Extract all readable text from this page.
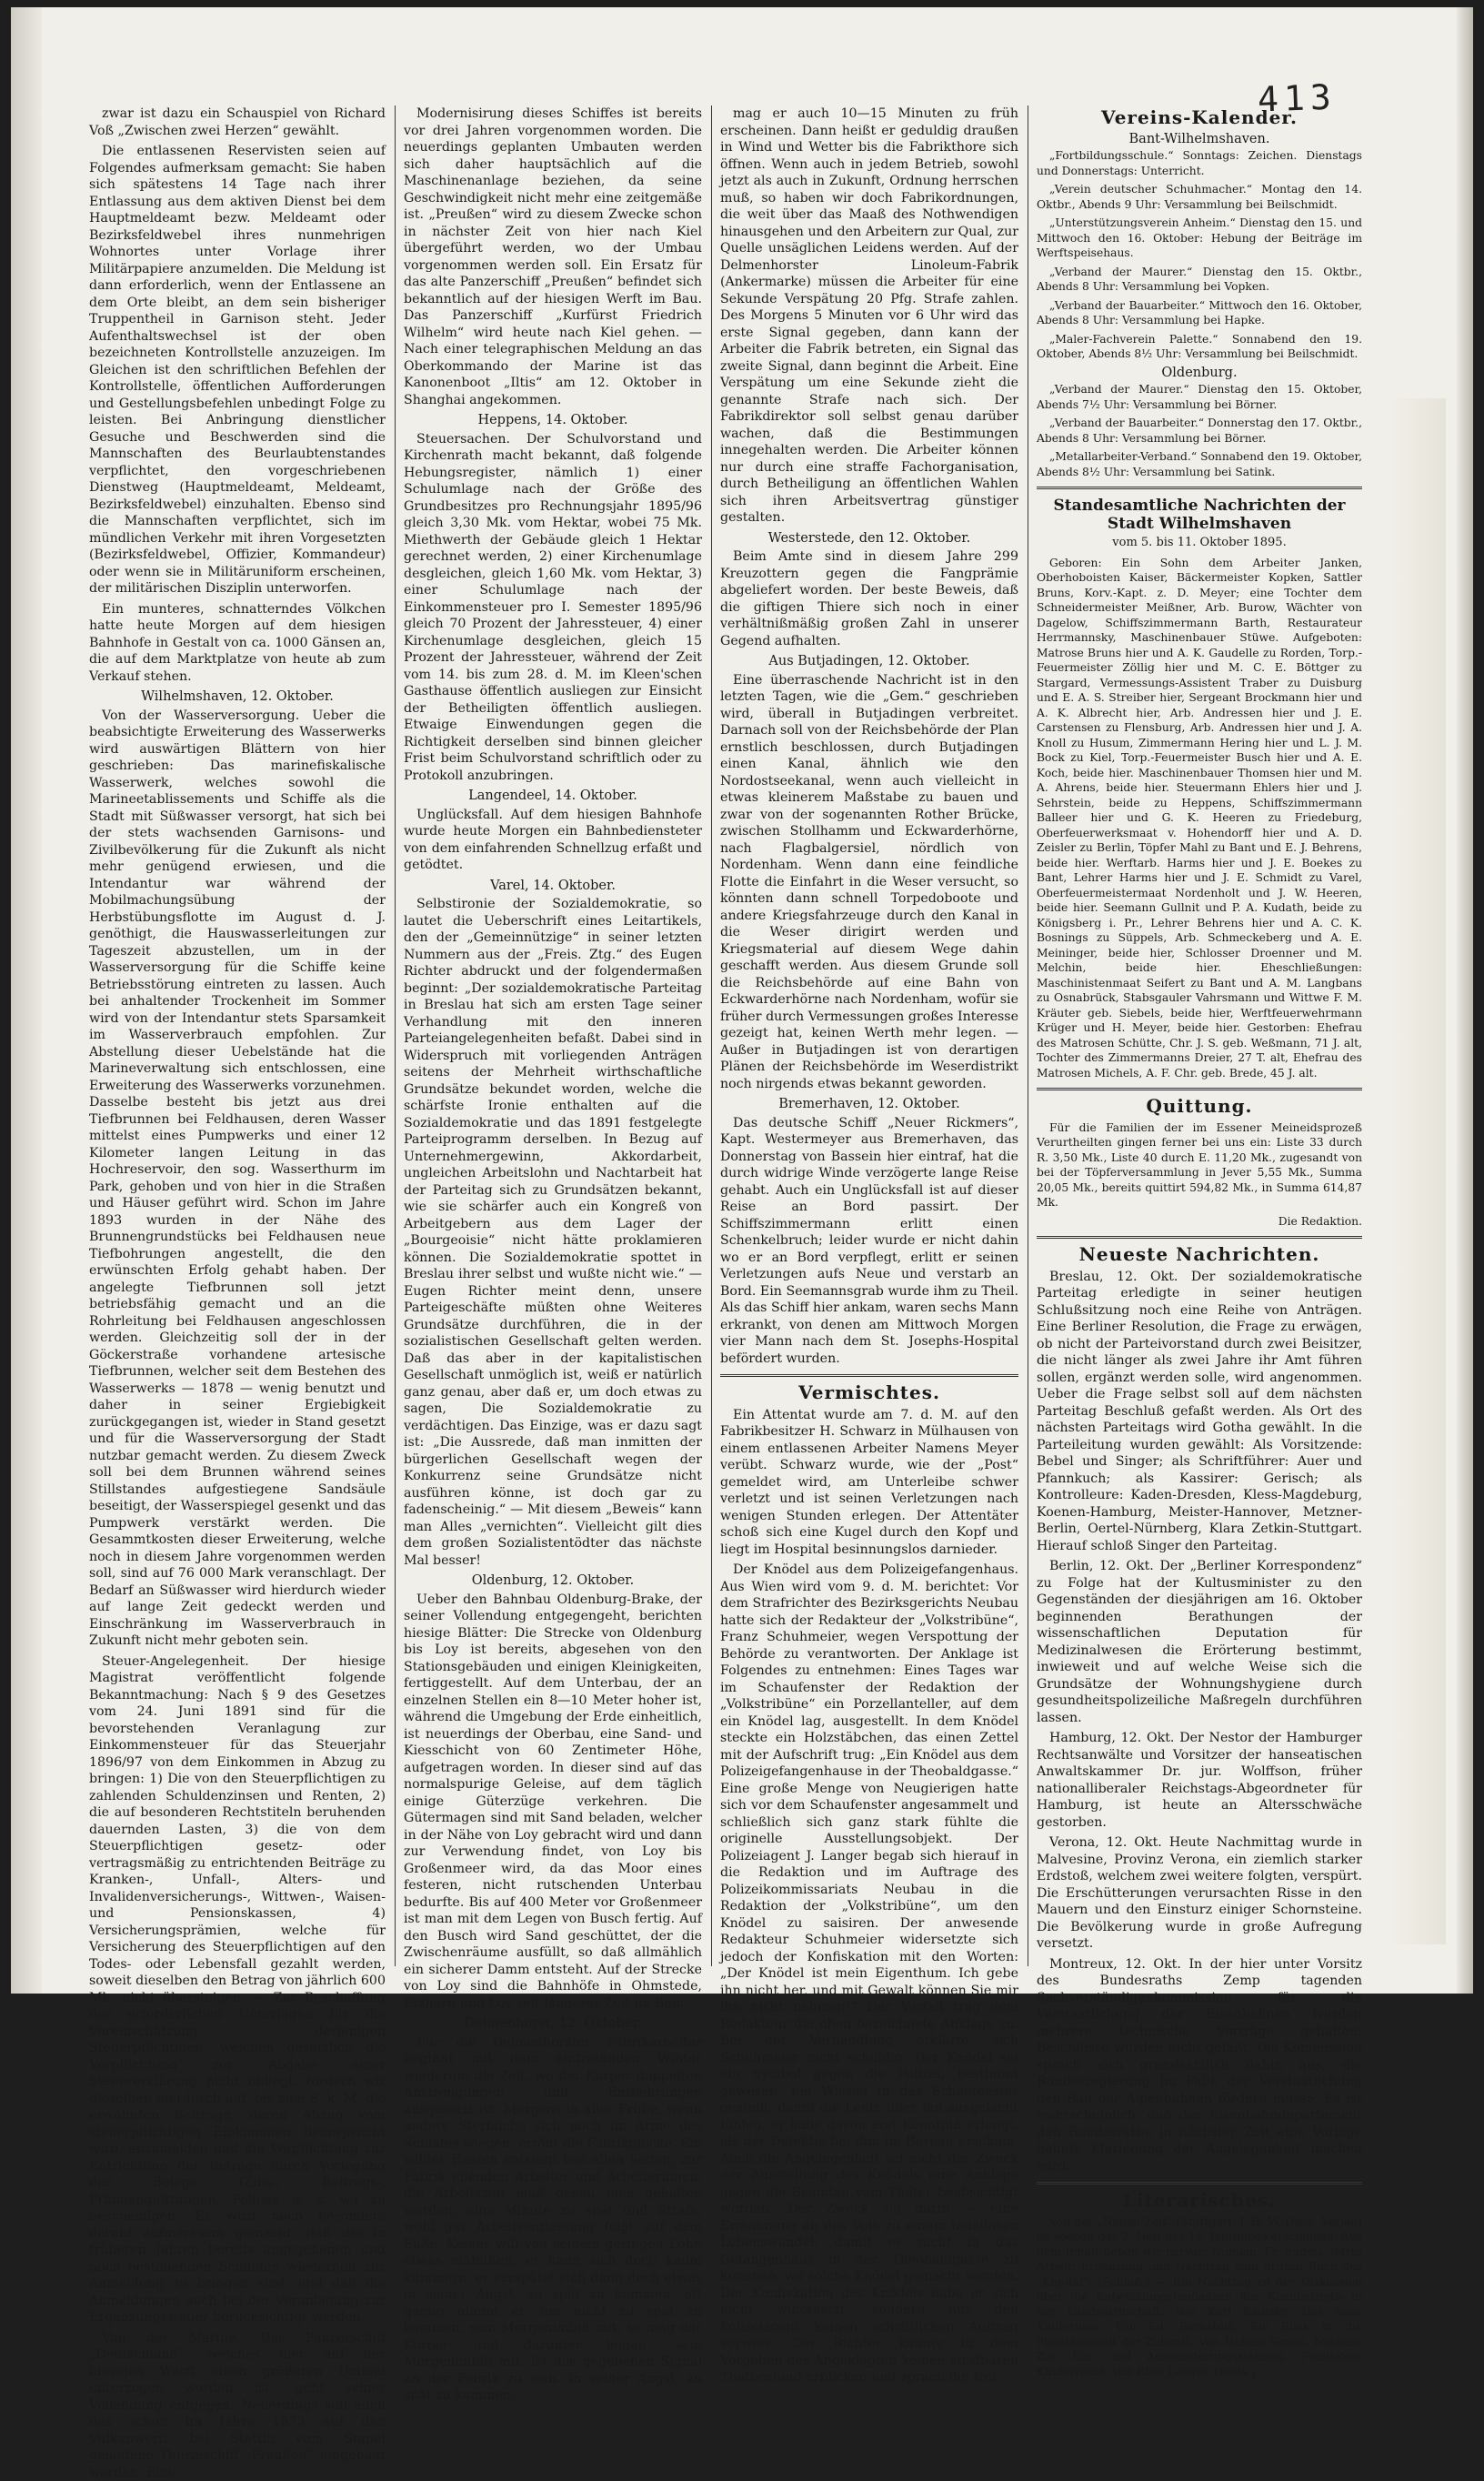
413

zwar ist dazu ein Schauspiel von Richard Voß „Zwischen zwei Herzen“ gewählt.

Die entlassenen Reservisten seien auf Folgendes aufmerksam gemacht: Sie haben sich spätestens 14 Tage nach ihrer Entlassung aus dem aktiven Dienst bei dem Hauptmeldeamt bezw. Meldeamt oder Bezirksfeldwebel ihres nunmehrigen Wohnortes unter Vorlage ihrer Militärpapiere anzumelden. Die Meldung ist dann erforderlich, wenn der Entlassene an dem Orte bleibt, an dem sein bisheriger Truppentheil in Garnison steht. Jeder Aufenthaltswechsel ist der oben bezeichneten Kontrollstelle anzuzeigen. Im Gleichen ist den schriftlichen Befehlen der Kontrollstelle, öffentlichen Aufforderungen und Gestellungsbefehlen unbedingt Folge zu leisten. Bei Anbringung dienstlicher Gesuche und Beschwerden sind die Mannschaften des Beurlaubtenstandes verpflichtet, den vorgeschriebenen Dienstweg (Hauptmeldeamt, Meldeamt, Bezirksfeldwebel) einzuhalten. Ebenso sind die Mannschaften verpflichtet, sich im mündlichen Verkehr mit ihren Vorgesetzten (Bezirksfeldwebel, Offizier, Kommandeur) oder wenn sie in Militäruniform erscheinen, der militärischen Disziplin unterworfen.

Ein munteres, schnatterndes Völkchen hatte heute Morgen auf dem hiesigen Bahnhofe in Gestalt von ca. 1000 Gänsen an, die auf dem Marktplatze von heute ab zum Verkauf stehen.

Wilhelmshaven, 12. Oktober.

Von der Wasserversorgung. Ueber die beabsichtigte Erweiterung des Wasserwerks wird auswärtigen Blättern von hier geschrieben: Das marinefiskalische Wasserwerk, welches sowohl die Marineetablissements und Schiffe als die Stadt mit Süßwasser versorgt, hat sich bei der stets wachsenden Garnisons- und Zivilbevölkerung für die Zukunft als nicht mehr genügend erwiesen, und die Intendantur war während der Mobilmachungsübung der Herbstübungsflotte im August d. J. genöthigt, die Hauswasserleitungen zur Tageszeit abzustellen, um in der Wasserversorgung für die Schiffe keine Betriebsstörung eintreten zu lassen. Auch bei anhaltender Trockenheit im Sommer wird von der Intendantur stets Sparsamkeit im Wasserverbrauch empfohlen. Zur Abstellung dieser Uebelstände hat die Marineverwaltung sich entschlossen, eine Erweiterung des Wasserwerks vorzunehmen. Dasselbe besteht bis jetzt aus drei Tiefbrunnen bei Feldhausen, deren Wasser mittelst eines Pumpwerks und einer 12 Kilometer langen Leitung in das Hochreservoir, den sog. Wasserthurm im Park, gehoben und von hier in die Straßen und Häuser geführt wird. Schon im Jahre 1893 wurden in der Nähe des Brunnengrundstücks bei Feldhausen neue Tiefbohrungen angestellt, die den erwünschten Erfolg gehabt haben. Der angelegte Tiefbrunnen soll jetzt betriebsfähig gemacht und an die Rohrleitung bei Feldhausen angeschlossen werden. Gleichzeitig soll der in der Göckerstraße vorhandene artesische Tiefbrunnen, welcher seit dem Bestehen des Wasserwerks — 1878 — wenig benutzt und daher in seiner Ergiebigkeit zurückgegangen ist, wieder in Stand gesetzt und für die Wasserversorgung der Stadt nutzbar gemacht werden. Zu diesem Zweck soll bei dem Brunnen während seines Stillstandes aufgestiegene Sandsäule beseitigt, der Wasserspiegel gesenkt und das Pumpwerk verstärkt werden. Die Gesammtkosten dieser Erweiterung, welche noch in diesem Jahre vorgenommen werden soll, sind auf 76 000 Mark veranschlagt. Der Bedarf an Süßwasser wird hierdurch wieder auf lange Zeit gedeckt werden und Einschränkung im Wasserverbrauch in Zukunft nicht mehr geboten sein.

Steuer-Angelegenheit. Der hiesige Magistrat veröffentlicht folgende Bekanntmachung: Nach § 9 des Gesetzes vom 24. Juni 1891 sind für die bevorstehenden Veranlagung zur Einkommensteuer für das Steuerjahr 1896/97 von dem Einkommen in Abzug zu bringen: 1) Die von den Steuerpflichtigen zu zahlenden Schuldenzinsen und Renten, 2) die auf besonderen Rechtstiteln beruhenden dauernden Lasten, 3) die von dem Steuerpflichtigen gesetz- oder vertragsmäßig zu entrichtenden Beiträge zu Kranken-, Unfall-, Alters- und Invalidenversicherungs-, Wittwen-, Waisen- und Pensionskassen, 4) Versicherungsprämien, welche für Versicherung des Steuerpflichtigen auf den Todes- oder Lebensfall gezahlt werden, soweit dieselben den Betrag von jährlich 600 Mk. nicht übersteigen. — Zur Beschaffung der erforderlichen Unterlagen für die Voreinschätzung derjenigen Steuerpflichtigen, welchen gesetzlich die Verpflichtung zur Abgabe einer Steuererklärung nicht obliegt, fordern wir dieselben hierdurch auf, bis zum 8. k. M. die erwähnten Beiträge, deren Abzug vom steuerpflichtigen Einkommen beansprucht wird, anzumelden und die Verpflichtung zur Entrichtung der Beträge durch Vorlegung der Belege (Zins-, Beitrags-, Prämienquittungen, Policen u. s. w.) zu bescheinigen. Es wird noch besonders darauf aufmerksam gemacht, daß die in früheren Jahren bereits angegebenen und noch bestehenden Schulden wiederholt zur Anmeldung zu bringen sind, und daß die Anmeldungen auch bei der Veranlagung zur Ergänzungssteuer berücksichtigt werden.

Von der Marine. Das Panzerschiff „Deutschland“, welches hier auf der hiesigen Werft einen größeren Umbau unterzogen worden ist, geht seiner Vollendung entgegen. Neuerdings soll auch das schon im Jahre 1873 auf den Vulkanwerft bei Stettin vom Stapel gelaufene Thurmschiff „Preußen“ umgebaut werden. Eine

Modernisirung dieses Schiffes ist bereits vor drei Jahren vorgenommen worden. Die neuerdings geplanten Umbauten werden sich daher hauptsächlich auf die Maschinenanlage beziehen, da seine Geschwindigkeit nicht mehr eine zeitgemäße ist. „Preußen“ wird zu diesem Zwecke schon in nächster Zeit von hier nach Kiel übergeführt werden, wo der Umbau vorgenommen werden soll. Ein Ersatz für das alte Panzerschiff „Preußen“ befindet sich bekanntlich auf der hiesigen Werft im Bau. Das Panzerschiff „Kurfürst Friedrich Wilhelm“ wird heute nach Kiel gehen. — Nach einer telegraphischen Meldung an das Oberkommando der Marine ist das Kanonenboot „Iltis“ am 12. Oktober in Shanghai angekommen.

Heppens, 14. Oktober.

Steuersachen. Der Schulvorstand und Kirchenrath macht bekannt, daß folgende Hebungsregister, nämlich 1) einer Schulumlage nach der Größe des Grundbesitzes pro Rechnungsjahr 1895/96 gleich 3,30 Mk. vom Hektar, wobei 75 Mk. Miethwerth der Gebäude gleich 1 Hektar gerechnet werden, 2) einer Kirchenumlage desgleichen, gleich 1,60 Mk. vom Hektar, 3) einer Schulumlage nach der Einkommensteuer pro I. Semester 1895/96 gleich 70 Prozent der Jahressteuer, 4) einer Kirchenumlage desgleichen, gleich 15 Prozent der Jahressteuer, während der Zeit vom 14. bis zum 28. d. M. im Kleen'schen Gasthause öffentlich ausliegen zur Einsicht der Betheiligten öffentlich ausliegen. Etwaige Einwendungen gegen die Richtigkeit derselben sind binnen gleicher Frist beim Schulvorstand schriftlich oder zu Protokoll anzubringen.

Langendeel, 14. Oktober.

Unglücksfall. Auf dem hiesigen Bahnhofe wurde heute Morgen ein Bahnbediensteter von dem einfahrenden Schnellzug erfaßt und getödtet.

Varel, 14. Oktober.

Selbstironie der Sozialdemokratie, so lautet die Ueberschrift eines Leitartikels, den der „Gemeinnützige“ in seiner letzten Nummern aus der „Freis. Ztg.“ des Eugen Richter abdruckt und der folgendermaßen beginnt: „Der sozialdemokratische Parteitag in Breslau hat sich am ersten Tage seiner Verhandlung mit den inneren Parteiangelegenheiten befaßt. Dabei sind in Widerspruch mit vorliegenden Anträgen seitens der Mehrheit wirthschaftliche Grundsätze bekundet worden, welche die schärfste Ironie enthalten auf die Sozialdemokratie und das 1891 festgelegte Parteiprogramm derselben. In Bezug auf Unternehmergewinn, Akkordarbeit, ungleichen Arbeitslohn und Nachtarbeit hat der Parteitag sich zu Grundsätzen bekannt, wie sie schärfer auch ein Kongreß von Arbeitgebern aus dem Lager der „Bourgeoisie“ nicht hätte proklamieren können. Die Sozialdemokratie spottet in Breslau ihrer selbst und wußte nicht wie.“ — Eugen Richter meint denn, unsere Parteigeschäfte müßten ohne Weiteres Grundsätze durchführen, die in der sozialistischen Gesellschaft gelten werden. Daß das aber in der kapitalistischen Gesellschaft unmöglich ist, weiß er natürlich ganz genau, aber daß er, um doch etwas zu sagen, Die Sozialdemokratie zu verdächtigen. Das Einzige, was er dazu sagt ist: „Die Aussrede, daß man inmitten der bürgerlichen Gesellschaft wegen der Konkurrenz seine Grundsätze nicht ausführen könne, ist doch gar zu fadenscheinig.“ — Mit diesem „Beweis“ kann man Alles „vernichten“. Vielleicht gilt dies dem großen Sozialistentödter das nächste Mal besser!

Oldenburg, 12. Oktober.

Ueber den Bahnbau Oldenburg-Brake, der seiner Vollendung entgegengeht, berichten hiesige Blätter: Die Strecke von Oldenburg bis Loy ist bereits, abgesehen von den Stationsgebäuden und einigen Kleinigkeiten, fertiggestellt. Auf dem Unterbau, der an einzelnen Stellen ein 8—10 Meter hoher ist, während die Umgebung der Erde einheitlich, ist neuerdings der Oberbau, eine Sand- und Kiesschicht von 60 Zentimeter Höhe, aufgetragen worden. In dieser sind auf das normalspurige Geleise, auf dem täglich einige Güterzüge verkehren. Die Gütermagen sind mit Sand beladen, welcher in der Nähe von Loy gebracht wird und dann zur Verwendung findet, von Loy bis Großenmeer wird, da das Moor eines festeren, nicht rutschenden Unterbau bedurfte. Bis auf 400 Meter vor Großenmeer ist man mit dem Legen von Busch fertig. Auf den Busch wird Sand geschüttet, der die Zwischenräume ausfüllt, so daß allmählich ein sicherer Damm entsteht. Auf der Strecke von Loy sind die Bahnhöfe in Ohmstede, Etzhorn und Loy seit längerer Zeit im Bau.

Delmenhorst, 12. Oktober.

Für die Delmenhorster Fabrikarbeiter beginnt mit dem eintretenden Winter wiederum die Zeit, wo der Körper doppelten Anstrengungen und Entbehrungen ausgesetzt ist. Morgens in aller Frühe, wenn andere Sterbliche sich noch im Arme des Schlafes wiegen, ertönt die Fabrikglocke. Ein wildes Hasten entsteht von allen Seiten, zur Fabrik eilenden Arbeiter und Arbeiterinnen, die Arbeitszeit muß genau inne gehalten werden, eine Minute zu spät und Strafe, wohl gar Arbeitsentlassung folgt auf dem Fuße. Keiner will von seinem geringen Lohn etwas einbüßen, er kann sich doch kaum kümmern, er verspätet sich dann doch etwas in seiner Angst, zu spät zu kommen, oft genug nimmt er, um nicht zu spät zu kommen, sein Morgenimbiß mit, so mag der Körper und darunter leiden, sein Morgenimbiß mit. Ist das gegebenen Signal an der Fabrik zu sein. In seiner Angst, zu spät zu kommen,

mag er auch 10—15 Minuten zu früh erscheinen. Dann heißt er geduldig draußen in Wind und Wetter bis die Fabrikthore sich öffnen. Wenn auch in jedem Betrieb, sowohl jetzt als auch in Zukunft, Ordnung herrschen muß, so haben wir doch Fabrikordnungen, die weit über das Maaß des Nothwendigen hinausgehen und den Arbeitern zur Qual, zur Quelle unsäglichen Leidens werden. Auf der Delmenhorster Linoleum-Fabrik (Ankermarke) müssen die Arbeiter für eine Sekunde Verspätung 20 Pfg. Strafe zahlen. Des Morgens 5 Minuten vor 6 Uhr wird das erste Signal gegeben, dann kann der Arbeiter die Fabrik betreten, ein Signal das zweite Signal, dann beginnt die Arbeit. Eine Verspätung um eine Sekunde zieht die genannte Strafe nach sich. Der Fabrikdirektor soll selbst genau darüber wachen, daß die Bestimmungen innegehalten werden. Die Arbeiter können nur durch eine straffe Fachorganisation, durch Betheiligung an öffentlichen Wahlen sich ihren Arbeitsvertrag günstiger gestalten.

Westerstede, den 12. Oktober.

Beim Amte sind in diesem Jahre 299 Kreuzottern gegen die Fangprämie abgeliefert worden. Der beste Beweis, daß die giftigen Thiere sich noch in einer verhältnißmäßig großen Zahl in unserer Gegend aufhalten.

Aus Butjadingen, 12. Oktober.

Eine überraschende Nachricht ist in den letzten Tagen, wie die „Gem.“ geschrieben wird, überall in Butjadingen verbreitet. Darnach soll von der Reichsbehörde der Plan ernstlich beschlossen, durch Butjadingen einen Kanal, ähnlich wie den Nordostseekanal, wenn auch vielleicht in etwas kleinerem Maßstabe zu bauen und zwar von der sogenannten Rother Brücke, zwischen Stollhamm und Eckwarderhörne, nach Flagbalgersiel, nördlich von Nordenham. Wenn dann eine feindliche Flotte die Einfahrt in die Weser versucht, so könnten dann schnell Torpedoboote und andere Kriegsfahrzeuge durch den Kanal in die Weser dirigirt werden und Kriegsmaterial auf diesem Wege dahin geschafft werden. Aus diesem Grunde soll die Reichsbehörde auf eine Bahn von Eckwarderhörne nach Nordenham, wofür sie früher durch Vermessungen großes Interesse gezeigt hat, keinen Werth mehr legen. — Außer in Butjadingen ist von derartigen Plänen der Reichsbehörde im Weserdistrikt noch nirgends etwas bekannt geworden.

Bremerhaven, 12. Oktober.

Das deutsche Schiff „Neuer Rickmers“, Kapt. Westermeyer aus Bremerhaven, das Donnerstag von Bassein hier eintraf, hat die durch widrige Winde verzögerte lange Reise gehabt. Auch ein Unglücksfall ist auf dieser Reise an Bord passirt. Der Schiffszimmermann erlitt einen Schenkelbruch; leider wurde er nicht dahin wo er an Bord verpflegt, erlitt er seinen Verletzungen aufs Neue und verstarb an Bord. Ein Seemannsgrab wurde ihm zu Theil. Als das Schiff hier ankam, waren sechs Mann erkrankt, von denen am Mittwoch Morgen vier Mann nach dem St. Josephs-Hospital befördert wurden.

Vermischtes.

Ein Attentat wurde am 7. d. M. auf den Fabrikbesitzer H. Schwarz in Mülhausen von einem entlassenen Arbeiter Namens Meyer verübt. Schwarz wurde, wie der „Post“ gemeldet wird, am Unterleibe schwer verletzt und ist seinen Verletzungen nach wenigen Stunden erlegen. Der Attentäter schoß sich eine Kugel durch den Kopf und liegt im Hospital besinnungslos darnieder.

Der Knödel aus dem Polizeigefangenhaus. Aus Wien wird vom 9. d. M. berichtet: Vor dem Strafrichter des Bezirksgerichts Neubau hatte sich der Redakteur der „Volkstribüne“, Franz Schuhmeier, wegen Verspottung der Behörde zu verantworten. Der Anklage ist Folgendes zu entnehmen: Eines Tages war im Schaufenster der Redaktion der „Volkstribüne“ ein Porzellanteller, auf dem ein Knödel lag, ausgestellt. In dem Knödel steckte ein Holzstäbchen, das einen Zettel mit der Aufschrift trug: „Ein Knödel aus dem Polizeigefangenhause in der Theobaldgasse.“ Eine große Menge von Neugierigen hatte sich vor dem Schaufenster angesammelt und schließlich sich ganz stark fühlte die originelle Ausstellungsobjekt. Der Polizeiagent J. Langer begab sich hierauf in die Redaktion und im Auftrage des Polizeikommissariats Neubau in die Redaktion der „Volkstribüne“, um den Knödel zu saisiren. Der anwesende Redakteur Schuhmeier widersetzte sich jedoch der Konfiskation mit den Worten: „Der Knödel ist mein Eigenthum. Ich gebe ihn nicht her, und mit Gewalt können Sie mir ihn nicht nehmen!“ Der Vorfall trug dem Redakteur die oben bezeichnete Anklage zu. Bei der Verhandlung erklärte sich Schuhmeier nicht schuldig. Der Knödel sei ein Symbol gegen die Polizei, bestimmt gewesen, um Wissen in das Schaufenster gestellt, damit die Leute über ihn ausgelacht fühlen, er habe davon erst Kenntniß erlangt, als der Detektiv bei ihm im Bureau erschien. Auch die Angelegenheit sei nicht der Zweck der Ausstellung des Knödels eine Anklage gegen die Beamten vom Thäter beabsichtigt worden. Der Zweck sei darin — eine Ermahnung an das Volk zu einem tadellosen Lebenswandel, damit es nicht in das Gefangenhaus in der Theobaldgasse zu kommen, wo solche Knödel gemacht werden. Der Konfiskation des Knödels habe er sich nicht widersetzt, sondern nur den Polizeiagent keinen schriftlichen Auftrag vorwies. Der Richter konnte in dem Vorgehen des Angeklagten keinen strafbaren Thatbestand erblicken und sprach ihn frei.

Vereins-Kalender.
Bant-Wilhelmshaven.

„Fortbildungsschule.“ Sonntags: Zeichen. Dienstags und Donnerstags: Unterricht.

„Verein deutscher Schuhmacher.“ Montag den 14. Oktbr., Abends 9 Uhr: Versammlung bei Beilschmidt.

„Unterstützungsverein Anheim.“ Dienstag den 15. und Mittwoch den 16. Oktober: Hebung der Beiträge im Werftspeisehaus.

„Verband der Maurer.“ Dienstag den 15. Oktbr., Abends 8 Uhr: Versammlung bei Vopken.

„Verband der Bauarbeiter.“ Mittwoch den 16. Oktober, Abends 8 Uhr: Versammlung bei Hapke.

„Maler-Fachverein Palette.“ Sonnabend den 19. Oktober, Abends 8½ Uhr: Versammlung bei Beilschmidt.

Oldenburg.

„Verband der Maurer.“ Dienstag den 15. Oktober, Abends 7½ Uhr: Versammlung bei Börner.

„Verband der Bauarbeiter.“ Donnerstag den 17. Oktbr., Abends 8 Uhr: Versammlung bei Börner.

„Metallarbeiter-Verband.“ Sonnabend den 19. Oktober, Abends 8½ Uhr: Versammlung bei Satink.

Standesamtliche Nachrichten der Stadt Wilhelmshaven
vom 5. bis 11. Oktober 1895.

Geboren: Ein Sohn dem Arbeiter Janken, Oberhoboisten Kaiser, Bäckermeister Kopken, Sattler Bruns, Korv.-Kapt. z. D. Meyer; eine Tochter dem Schneidermeister Meißner, Arb. Burow, Wächter von Dagelow, Schiffszimmermann Barth, Restaurateur Herrmannsky, Maschinenbauer Stüwe. Aufgeboten: Matrose Bruns hier und A. K. Gaudelle zu Rorden, Torp.-Feuermeister Zöllig hier und M. C. E. Böttger zu Stargard, Vermessungs-Assistent Traber zu Duisburg und E. A. S. Streiber hier, Sergeant Brockmann hier und A. K. Albrecht hier, Arb. Andressen hier und J. E. Carstensen zu Flensburg, Arb. Andressen hier und J. A. Knoll zu Husum, Zimmermann Hering hier und L. J. M. Bock zu Kiel, Torp.-Feuermeister Busch hier und A. E. Koch, beide hier. Maschinenbauer Thomsen hier und M. A. Ahrens, beide hier. Steuermann Ehlers hier und J. Sehrstein, beide zu Heppens, Schiffszimmermann Balleer hier und G. K. Heeren zu Friedeburg, Oberfeuerwerksmaat v. Hohendorff hier und A. D. Zeisler zu Berlin, Töpfer Mahl zu Bant und E. J. Behrens, beide hier. Werftarb. Harms hier und J. E. Boekes zu Bant, Lehrer Harms hier und J. E. Schmidt zu Varel, Oberfeuermeistermaat Nordenholt und J. W. Heeren, beide hier. Seemann Gullnit und P. A. Kudath, beide zu Königsberg i. Pr., Lehrer Behrens hier und A. C. K. Bosnings zu Süppels, Arb. Schmeckeberg und A. E. Meininger, beide hier, Schlosser Droenner und M. Melchin, beide hier. Eheschließungen: Maschinistenmaat Seifert zu Bant und A. M. Langbans zu Osnabrück, Stabsgauler Vahrsmann und Wittwe F. M. Kräuter geb. Siebels, beide hier, Werftfeuerwehrmann Krüger und H. Meyer, beide hier. Gestorben: Ehefrau des Matrosen Schütte, Chr. J. S. geb. Weßmann, 71 J. alt, Tochter des Zimmermanns Dreier, 27 T. alt, Ehefrau des Matrosen Michels, A. F. Chr. geb. Brede, 45 J. alt.

Quittung.

Für die Familien der im Essener Meineidsprozeß Verurtheilten gingen ferner bei uns ein: Liste 33 durch R. 3,50 Mk., Liste 40 durch E. 11,20 Mk., zugesandt von bei der Töpferversammlung in Jever 5,55 Mk., Summa 20,05 Mk., bereits quittirt 594,82 Mk., in Summa 614,87 Mk.

Die Redaktion.

Neueste Nachrichten.

Breslau, 12. Okt. Der sozialdemokratische Parteitag erledigte in seiner heutigen Schlußsitzung noch eine Reihe von Anträgen. Eine Berliner Resolution, die Frage zu erwägen, ob nicht der Parteivorstand durch zwei Beisitzer, die nicht länger als zwei Jahre ihr Amt führen sollen, ergänzt werden solle, wird angenommen. Ueber die Frage selbst soll auf dem nächsten Parteitag Beschluß gefaßt werden. Als Ort des nächsten Parteitags wird Gotha gewählt. In die Parteileitung wurden gewählt: Als Vorsitzende: Bebel und Singer; als Schriftführer: Auer und Pfannkuch; als Kassirer: Gerisch; als Kontrolleure: Kaden-Dresden, Kless-Magdeburg, Koenen-Hamburg, Meister-Hannover, Metzner-Berlin, Oertel-Nürnberg, Klara Zetkin-Stuttgart. Hierauf schloß Singer den Parteitag.

Berlin, 12. Okt. Der „Berliner Korrespondenz“ zu Folge hat der Kultusminister zu den Gegenständen der diesjährigen am 16. Oktober beginnenden Berathungen der wissenschaftlichen Deputation für Medizinalwesen die Erörterung bestimmt, inwieweit und auf welche Weise sich die Grundsätze der Wohnungshygiene durch gesundheitspolizeiliche Maßregeln durchführen lassen.

Hamburg, 12. Okt. Der Nestor der Hamburger Rechtsanwälte und Vorsitzer der hanseatischen Anwaltskammer Dr. jur. Wolffson, früher nationalliberaler Reichstags-Abgeordneter für Hamburg, ist heute an Altersschwäche gestorben.

Verona, 12. Okt. Heute Nachmittag wurde in Malvesine, Provinz Verona, ein ziemlich starker Erdstoß, welchem zwei weitere folgten, verspürt. Die Erschütterungen verursachten Risse in den Mauern und den Einsturz einiger Schornsteine. Die Bevölkerung wurde in große Aufregung versetzt.

Montreux, 12. Okt. In der hier unter Vorsitz des Bundesraths Zemp tagenden Sachverständigenkommission für die Verstaatlichung der Eisenbahnen wurden mehrere technische Vorträge gehalten; Beschlüsse wurden nicht gefaßt. Die Kommission sprach sich grundsätzlich dahin aus, die Bundesregierung im Falle der Verstaatlichung den Bau der Alpenbahnen fördern müsse. Es ist wahrscheinlich, daß das Eisenbahndepartement den Bundesrathe in nächster Zeit eine Vorlage behufs Klarlegung der Angelegenheit machen wird.

Literarisches.

Von der „Neuen Zeit“ (Stuttgart, J. H. W. Dietz' Verlag) ist soeben das 2. Heft des 14. Jahrgangs erschienen. Aus dem Inhalt heben wir hervor: Numien. Fr. Engels' letzte Arbeit: Ergänzung und Nachtrag zum dritten Buch des „Kapital“. (Schluß.) — Ein Nachtrag zu der Diskussion über die Entwicklungstendenzen des Kleinbetriebs in der Landwirthschaft. Von Karl Kautsky. Das neue Kalifornien. Von Ed. Bernstein. Ein Blick in die Phantasiewelt der Zukunft. Von Helene Simon. Notizen: Zur Ein- und Auswanderungsstatistik. Feuilleton: Kinderrecht. Von Elise Langer. (Forts.)
